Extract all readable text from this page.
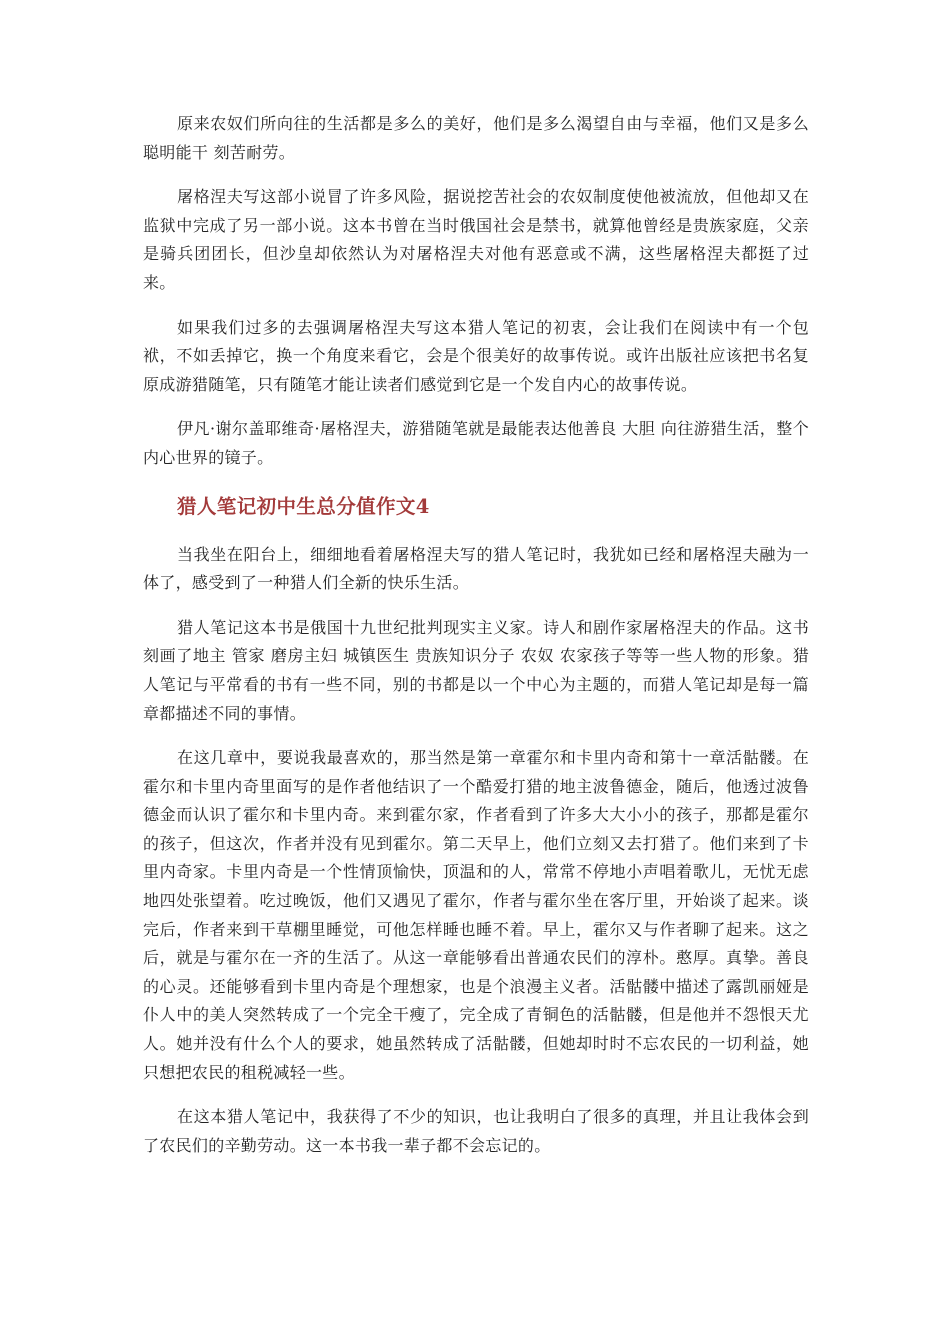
原来农奴们所向往的生活都是多么的美好，他们是多么渴望自由与幸福，他们又是多么聪明能干 刻苦耐劳。

屠格涅夫写这部小说冒了许多风险，据说挖苦社会的农奴制度使他被流放，但他却又在监狱中完成了另一部小说。这本书曾在当时俄国社会是禁书，就算他曾经是贵族家庭，父亲是骑兵团团长，但沙皇却依然认为对屠格涅夫对他有恶意或不满，这些屠格涅夫都挺了过来。

如果我们过多的去强调屠格涅夫写这本猎人笔记的初衷，会让我们在阅读中有一个包袱，不如丢掉它，换一个角度来看它，会是个很美好的故事传说。或许出版社应该把书名复原成游猎随笔，只有随笔才能让读者们感觉到它是一个发自内心的故事传说。

伊凡·谢尔盖耶维奇·屠格涅夫，游猎随笔就是最能表达他善良 大胆 向往游猎生活，整个内心世界的镜子。

猎人笔记初中生总分值作文4

当我坐在阳台上，细细地看着屠格涅夫写的猎人笔记时，我犹如已经和屠格涅夫融为一体了，感受到了一种猎人们全新的快乐生活。

猎人笔记这本书是俄国十九世纪批判现实主义家。诗人和剧作家屠格涅夫的作品。这书刻画了地主 管家 磨房主妇 城镇医生 贵族知识分子 农奴 农家孩子等等一些人物的形象。猎人笔记与平常看的书有一些不同，别的书都是以一个中心为主题的，而猎人笔记却是每一篇章都描述不同的事情。

在这几章中，要说我最喜欢的，那当然是第一章霍尔和卡里内奇和第十一章活骷髅。在霍尔和卡里内奇里面写的是作者他结识了一个酷爱打猎的地主波鲁德金，随后，他透过波鲁德金而认识了霍尔和卡里内奇。来到霍尔家，作者看到了许多大大小小的孩子，那都是霍尔的孩子，但这次，作者并没有见到霍尔。第二天早上，他们立刻又去打猎了。他们来到了卡里内奇家。卡里内奇是一个性情顶愉快，顶温和的人，常常不停地小声唱着歌儿，无忧无虑地四处张望着。吃过晚饭，他们又遇见了霍尔，作者与霍尔坐在客厅里，开始谈了起来。谈完后，作者来到干草棚里睡觉，可他怎样睡也睡不着。早上，霍尔又与作者聊了起来。这之后，就是与霍尔在一齐的生活了。从这一章能够看出普通农民们的淳朴。憨厚。真挚。善良的心灵。还能够看到卡里内奇是个理想家，也是个浪漫主义者。活骷髅中描述了露凯丽娅是仆人中的美人突然转成了一个完全干瘦了，完全成了青铜色的活骷髅，但是他并不怨恨天尤人。她并没有什么个人的要求，她虽然转成了活骷髅，但她却时时不忘农民的一切利益，她只想把农民的租税减轻一些。

在这本猎人笔记中，我获得了不少的知识，也让我明白了很多的真理，并且让我体会到了农民们的辛勤劳动。这一本书我一辈子都不会忘记的。
